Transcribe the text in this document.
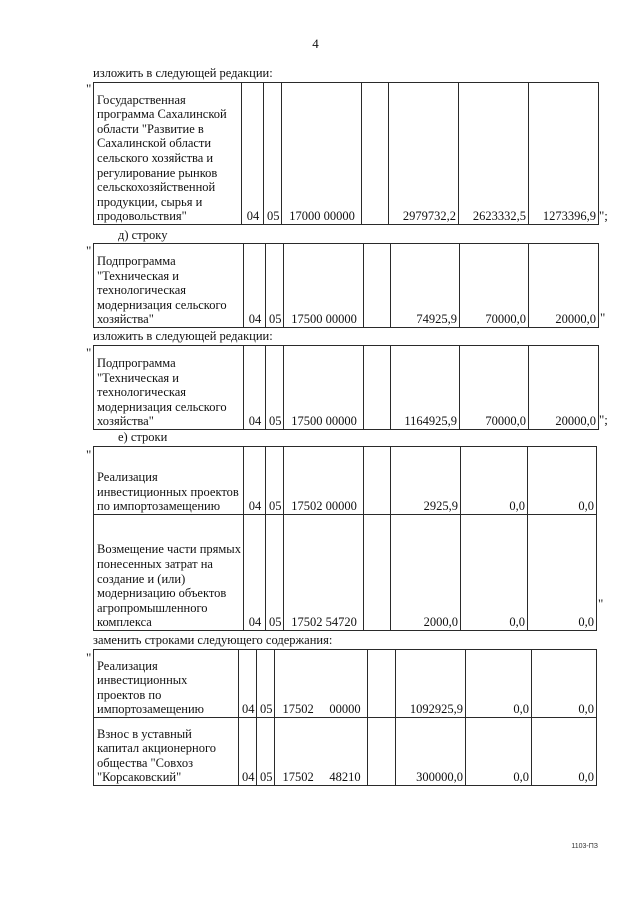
4
изложить в следующей редакции:
"
Государственная программа Сахалинской области "Развитие в Сахалинской области сельского хозяйства и регулирование рынков сельскохозяйственной продукции, сырья и продовольствия"	04	05	17000 00000		2979732,2	2623332,5	1273396,9 ";
д) строку
"
Подпрограмма "Техническая и технологическая модернизация сельского хозяйства"	04	05	17500 00000		74925,9	70000,0	20000,0 "
изложить в следующей редакции:
"
Подпрограмма "Техническая и технологическая модернизация сельского хозяйства"	04	05	17500 00000		1164925,9	70000,0	20000,0 ";
е) строки
"
Реализация инвестиционных проектов по импортозамещению	04	05	17502 00000		2925,9	0,0	0,0
Возмещение части прямых понесенных затрат на создание и (или) модернизацию объектов агропромышленного комплекса	04	05	17502 54720		2000,0	0,0	0,0
"
заменить строками следующего содержания:
"
Реализация инвестиционных проектов по импортозамещению	04	05	17502     00000		1092925,9	0,0	0,0
Взнос в уставный капитал акционерного общества "Совхоз "Корсаковский"	04	05	17502     48210		300000,0	0,0	0,0
1103-ПЗ
